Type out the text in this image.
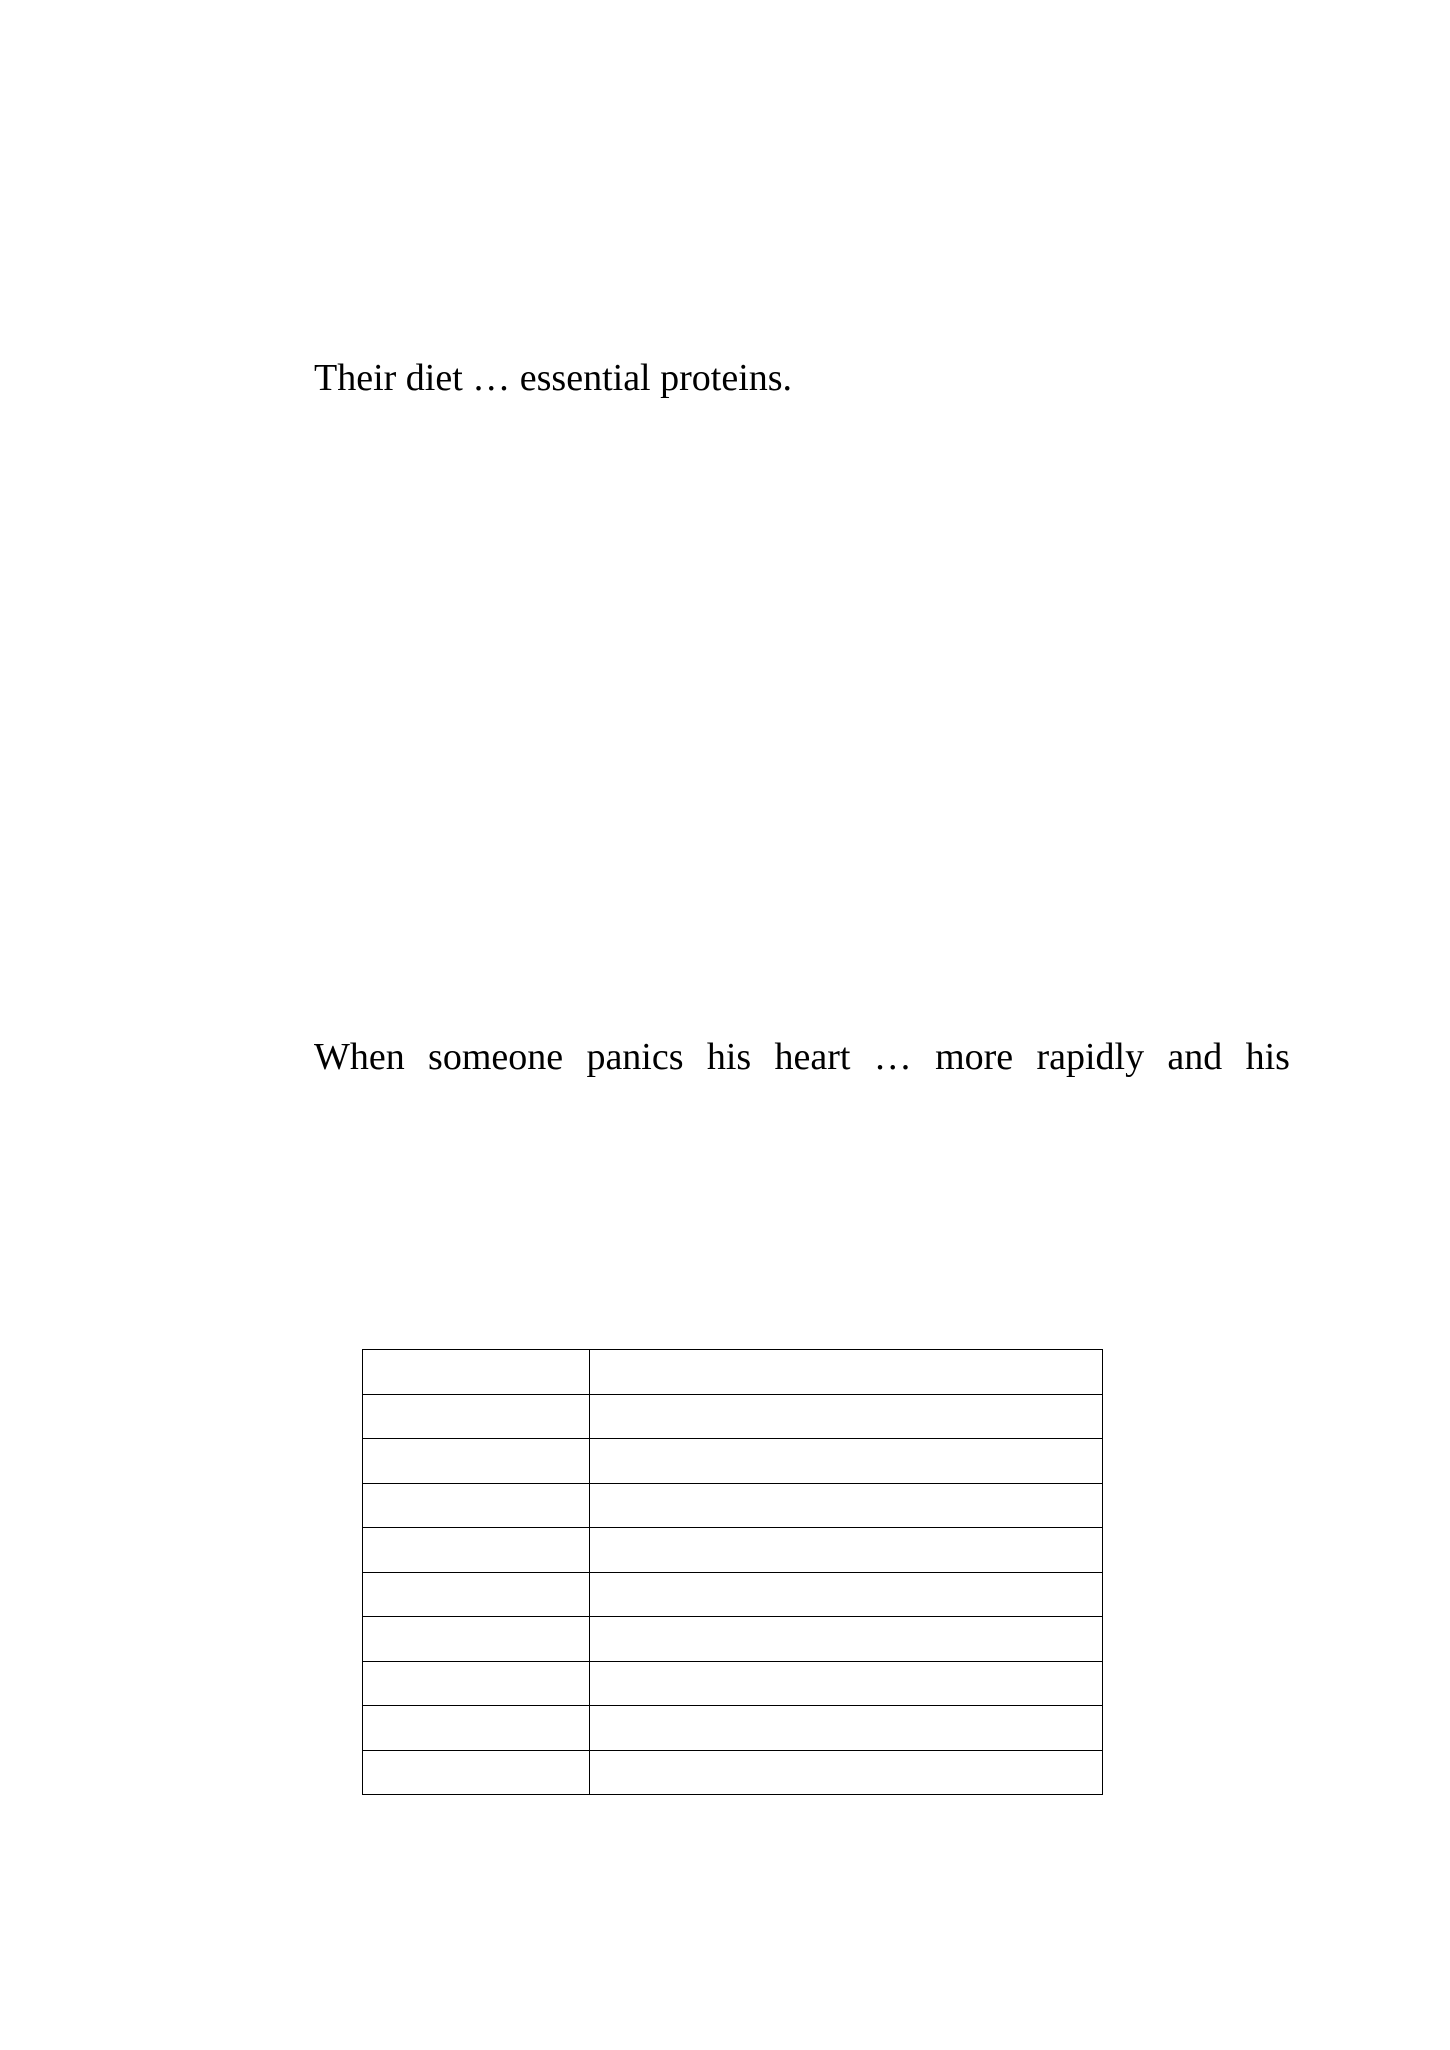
Their diet … essential proteins.

When someone panics his heart … more rapidly and his
